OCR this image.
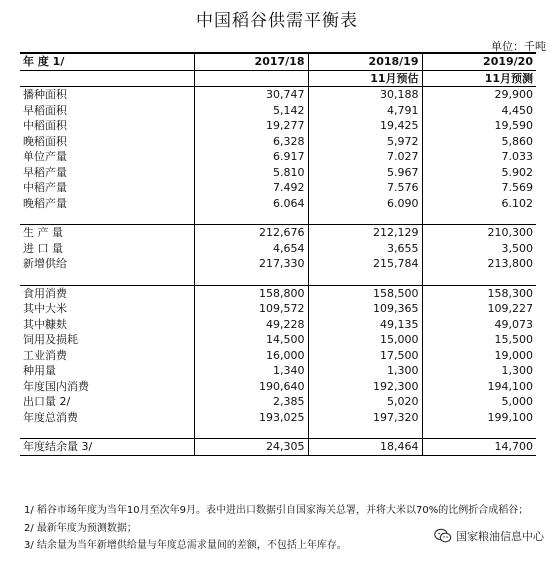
中国稻谷供需平衡表
单位：千吨
年 度 1/	2017/18	2018/19	2019/20
		11月预估	11月预测
播种面积	30,747	30,188	29,900
早稻面积	5,142	4,791	4,450
中稻面积	19,277	19,425	19,590
晚稻面积	6,328	5,972	5,860
单位产量	6.917	7.027	7.033
早稻产量	5.810	5.967	5.902
中稻产量	7.492	7.576	7.569
晚稻产量	6.064	6.090	6.102

生 产 量	212,676	212,129	210,300
进 口 量	4,654	3,655	3,500
新增供给	217,330	215,784	213,800

食用消费	158,800	158,500	158,300
其中大米	109,572	109,365	109,227
其中糠麸	49,228	49,135	49,073
饲用及损耗	14,500	15,000	15,500
工业消费	16,000	17,500	19,000
种用量	1,340	1,300	1,300
年度国内消费	190,640	192,300	194,100
出口量 2/	2,385	5,020	5,000
年度总消费	193,025	197,320	199,100

年度结余量 3/	24,305	18,464	14,700
1/ 稻谷市场年度为当年10月至次年9月。表中进出口数据引自国家海关总署，并将大米以70%的比例折合成稻谷；
2/ 最新年度为预测数据；
3/ 结余量为当年新增供给量与年度总需求量间的差额，不包括上年库存。
国家粮油信息中心
